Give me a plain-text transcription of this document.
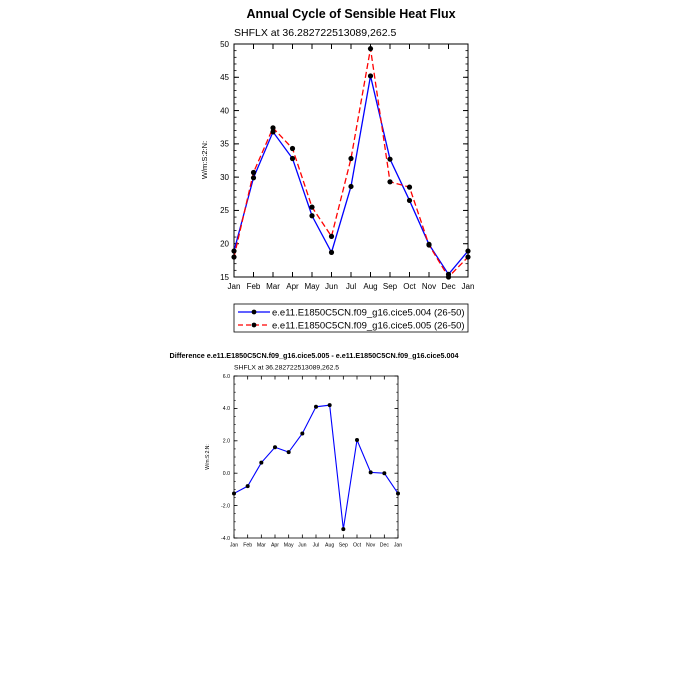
Annual Cycle of Sensible Heat Flux
SHFLX at 36.282722513089,262.5
W/m:S:2:N:
Jan Feb Mar Apr May Jun Jul Aug Sep Oct Nov Dec Jan
15
20
25
30
35
40
45
50
e.e11.E1850C5CN.f09_g16.cice5.004 (26-50)
e.e11.E1850C5CN.f09_g16.cice5.005 (26-50)
Difference e.e11.E1850C5CN.f09_g16.cice5.005 - e.e11.E1850C5CN.f09_g16.cice5.004
SHFLX at 36.282722513089,262.5
W/m:S:2:N:
Jan Feb Mar Apr May Jun Jul Aug Sep Oct Nov Dec Jan
-4.0
-2.0
0.0
2.0
4.0
6.0
